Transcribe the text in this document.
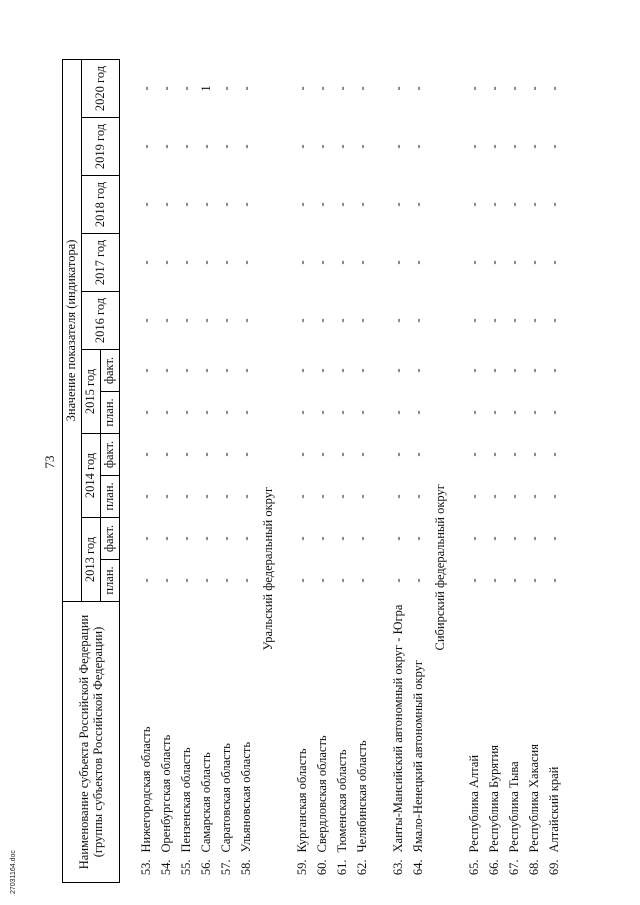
73
27031164.doc
Наименование субъекта Российской Федерации (группы субъектов Российской Федерации)		Значение показателя (индикатора)										
		2013 год		2014 год		2015 год		2016 год	2017 год	2018 год	2019 год	2020 год
		план.	факт.	план.	факт.	план.	факт.					

53.	Нижегородская область	-	-	-	-	-	-	-	-	-	-	-
54.	Оренбургская область	-	-	-	-	-	-	-	-	-	-	-
55.	Пензенская область	-	-	-	-	-	-	-	-	-	-	-
56.	Самарская область	-	-	-	-	-	-	-	-	-	-	1
57.	Саратовская область	-	-	-	-	-	-	-	-	-	-	-
58.	Ульяновская область	-	-	-	-	-	-	-	-	-	-	-
Уральский федеральный округ												

59.	Курганская область	-	-	-	-	-	-	-	-	-	-	-
60.	Свердловская область	-	-	-	-	-	-	-	-	-	-	-
61.	Тюменская область	-	-	-	-	-	-	-	-	-	-	-
62.	Челябинская область	-	-	-	-	-	-	-	-	-	-	-
63.	Ханты-Мансийский автономный округ - Югра	-	-	-	-	-	-	-	-	-	-	-
64.	Ямало-Ненецкий автономный округ	-	-	-	-	-	-	-	-	-	-	-
Сибирский федеральный округ												

65.	Республика Алтай	-	-	-	-	-	-	-	-	-	-	-
66.	Республика Бурятия	-	-	-	-	-	-	-	-	-	-	-
67.	Республика Тыва	-	-	-	-	-	-	-	-	-	-	-
68.	Республика Хакасия	-	-	-	-	-	-	-	-	-	-	-
69.	Алтайский край	-	-	-	-	-	-	-	-	-	-	-
